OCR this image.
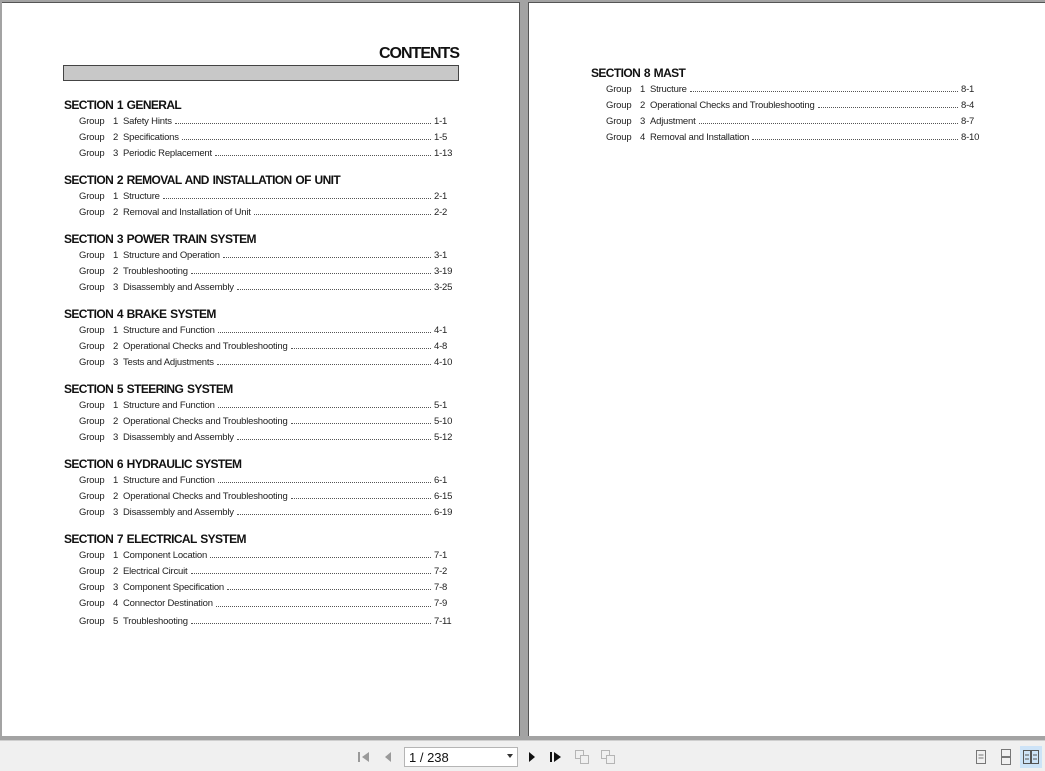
CONTENTS
SECTION 1 GENERAL
Group 1 Safety Hints	1-1
Group 2 Specifications	1-5
Group 3 Periodic Replacement	1-13
SECTION 2 REMOVAL AND INSTALLATION OF UNIT
Group 1 Structure	2-1
Group 2 Removal and Installation of Unit	2-2
SECTION 3 POWER TRAIN SYSTEM
Group 1 Structure and Operation	3-1
Group 2 Troubleshooting	3-19
Group 3 Disassembly and Assembly	3-25
SECTION 4 BRAKE SYSTEM
Group 1 Structure and Function	4-1
Group 2 Operational Checks and Troubleshooting	4-8
Group 3 Tests and Adjustments	4-10
SECTION 5 STEERING SYSTEM
Group 1 Structure and Function	5-1
Group 2 Operational Checks and Troubleshooting	5-10
Group 3 Disassembly and Assembly	5-12
SECTION 6 HYDRAULIC SYSTEM
Group 1 Structure and Function	6-1
Group 2 Operational Checks and Troubleshooting	6-15
Group 3 Disassembly and Assembly	6-19
SECTION 7 ELECTRICAL SYSTEM
Group 1 Component Location	7-1
Group 2 Electrical Circuit	7-2
Group 3 Component Specification	7-8
Group 4 Connector Destination	7-9
Group 5 Troubleshooting	7-11
SECTION 8 MAST
Group 1 Structure	8-1
Group 2 Operational Checks and Troubleshooting	8-4
Group 3 Adjustment	8-7
Group 4 Removal and Installation	8-10
1 / 238
